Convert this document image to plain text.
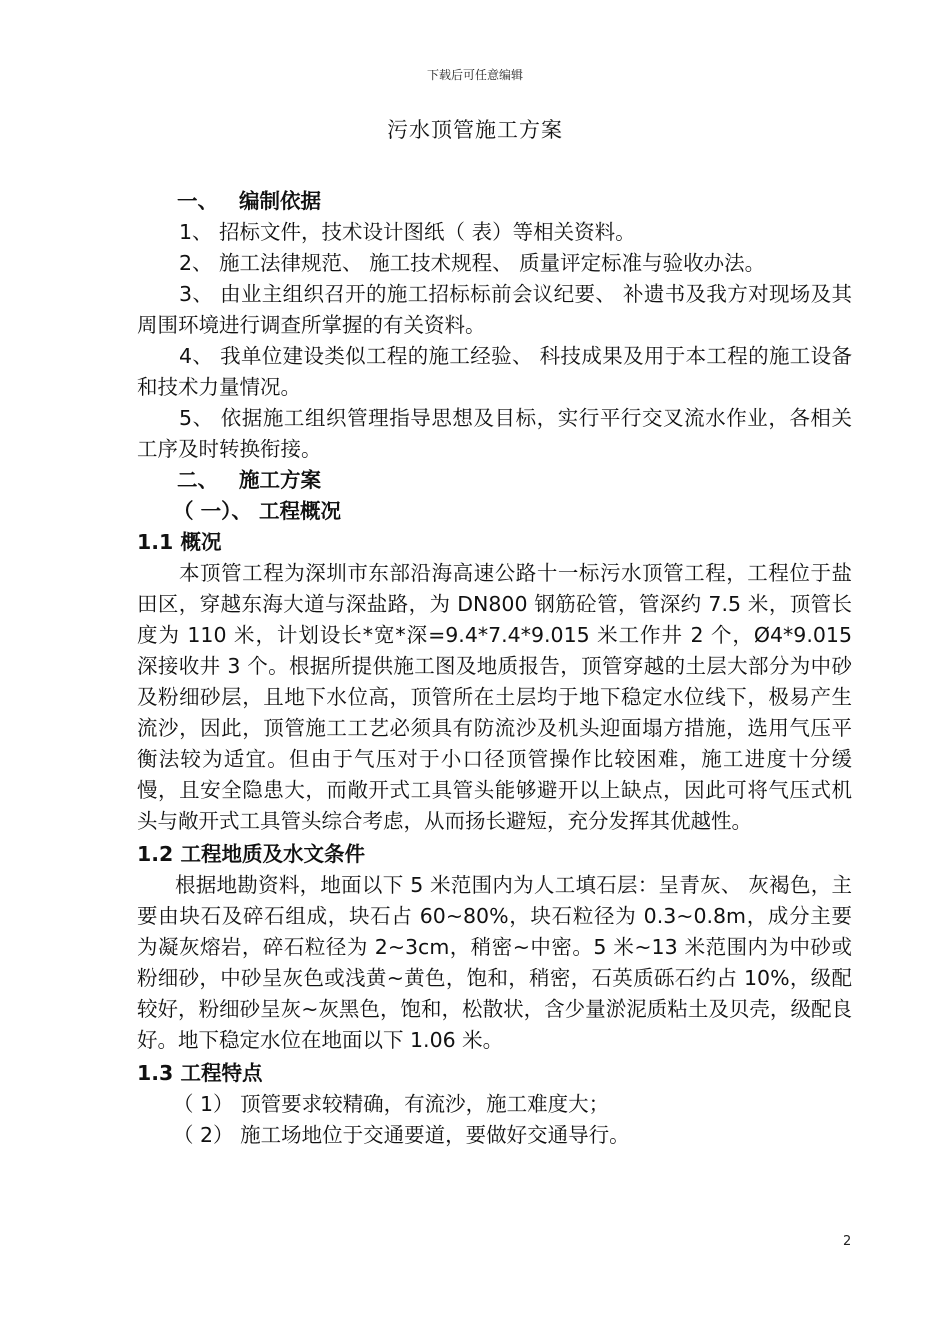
下载后可任意编辑
污水顶管施工方案

一、 编制依据

1、 招标文件，技术设计图纸（ 表）等相关资料。

2、 施工法律规范、 施工技术规程、 质量评定标准与验收办法。

3、 由业主组织召开的施工招标标前会议纪要、 补遗书及我方对现场及其周围环境进行调查所掌握的有关资料。

4、 我单位建设类似工程的施工经验、 科技成果及用于本工程的施工设备和技术力量情况。

5、 依据施工组织管理指导思想及目标，实行平行交叉流水作业，各相关工序及时转换衔接。

二、 施工方案

（ 一）、 工程概况

1.1 概况

本顶管工程为深圳市东部沿海高速公路十一标污水顶管工程，工程位于盐田区，穿越东海大道与深盐路，为 DN800 钢筋砼管，管深约 7.5 米，顶管长度为 110 米，计划设长*宽*深=9.4*7.4*9.015 米工作井 2 个，Ø4*9.015 深接收井 3 个。根据所提供施工图及地质报告，顶管穿越的土层大部分为中砂及粉细砂层，且地下水位高，顶管所在土层均于地下稳定水位线下，极易产生流沙，因此，顶管施工工艺必须具有防流沙及机头迎面塌方措施，选用气压平衡法较为适宜。但由于气压对于小口径顶管操作比较困难，施工进度十分缓慢，且安全隐患大，而敞开式工具管头能够避开以上缺点，因此可将气压式机头与敞开式工具管头综合考虑，从而扬长避短，充分发挥其优越性。

1.2 工程地质及水文条件

根据地勘资料，地面以下 5 米范围内为人工填石层：呈青灰、 灰褐色，主要由块石及碎石组成，块石占 60~80%，块石粒径为 0.3~0.8m，成分主要为凝灰熔岩，碎石粒径为 2~3cm，稍密~中密。5 米~13 米范围内为中砂或粉细砂，中砂呈灰色或浅黄~黄色，饱和，稍密，石英质砾石约占 10%，级配较好，粉细砂呈灰~灰黑色，饱和，松散状，含少量淤泥质粘土及贝壳，级配良好。地下稳定水位在地面以下 1.06 米。

1.3 工程特点

（ 1） 顶管要求较精确，有流沙，施工难度大；

（ 2） 施工场地位于交通要道，要做好交通导行。

2
